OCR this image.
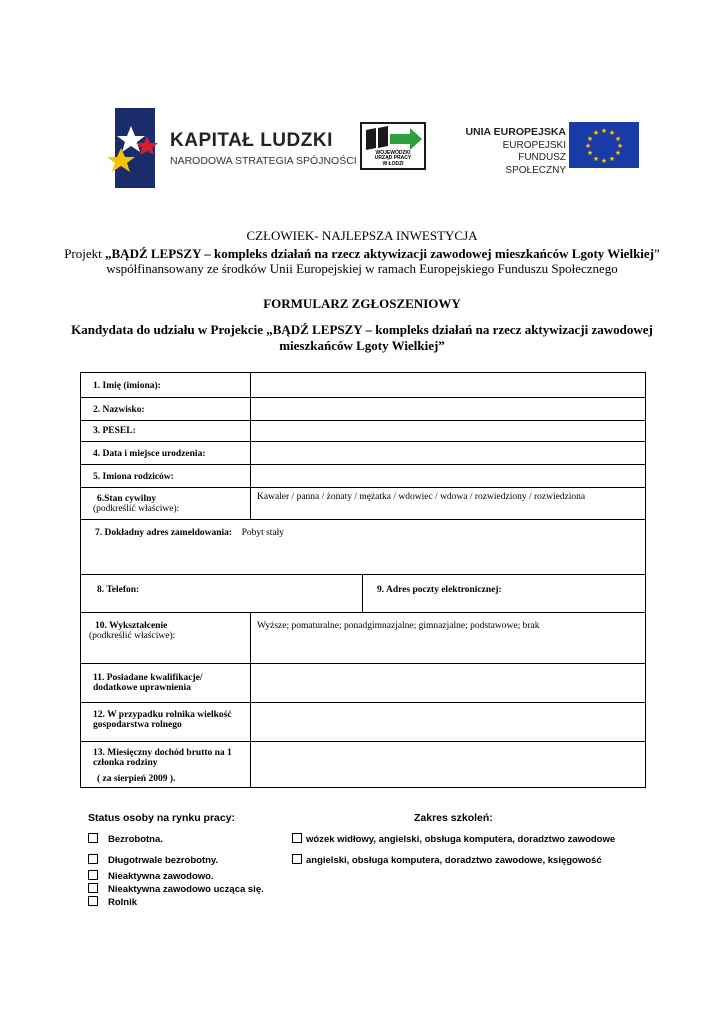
KAPITAŁ LUDZKI
NARODOWA STRATEGIA SPÓJNOŚCI
WOJEWÓDZKI
URZĄD PRACY
W ŁODZI
UNIA EUROPEJSKA
EUROPEJSKI
FUNDUSZ SPOŁECZNY
★ ★
★
★
★
★
★
★
★
★
★
★
CZŁOWIEK- NAJLEPSZA INWESTYCJA
Projekt „BĄDŹ LEPSZY – kompleks działań na rzecz aktywizacji zawodowej mieszkańców Lgoty Wielkiej” współfinansowany ze środków Unii Europejskiej w ramach Europejskiego Funduszu Społecznego
FORMULARZ ZGŁOSZENIOWY
Kandydata do udziału w Projekcie „BĄDŹ LEPSZY – kompleks działań na rzecz aktywizacji zawodowej mieszkańców Lgoty Wielkiej”
1. Imię (imiona):
2. Nazwisko:
3. PESEL:
4. Data i miejsce urodzenia:
5. Imiona rodziców:
6.Stan cywilny
(podkreślić właściwe):
Kawaler / panna / żonaty / mężatka / wdowiec / wdowa / rozwiedziony / rozwiedziona
7. Dokładny adres zameldowania: Pobyt stały
8. Telefon:	9. Adres poczty elektronicznej:
10. Wykształcenie
(podkreślić właściwe):
Wyższe; pomaturalne; ponadgimnazjalne; gimnazjalne; podstawowe; brak
11. Posiadane kwalifikacje/
dodatkowe uprawnienia
12. W przypadku rolnika wielkość
gospodarstwa rolnego
13. Miesięczny dochód brutto na 1
członka rodziny
( za sierpień 2009 ).
Status osoby na rynku pracy:	Zakres szkoleń:
Bezrobotna.
Długotrwale bezrobotny.
Nieaktywna zawodowo.
Nieaktywna zawodowo ucząca się.
Rolnik
wózek widłowy, angielski, obsługa komputera, doradztwo zawodowe
angielski, obsługa komputera, doradztwo zawodowe, księgowość
